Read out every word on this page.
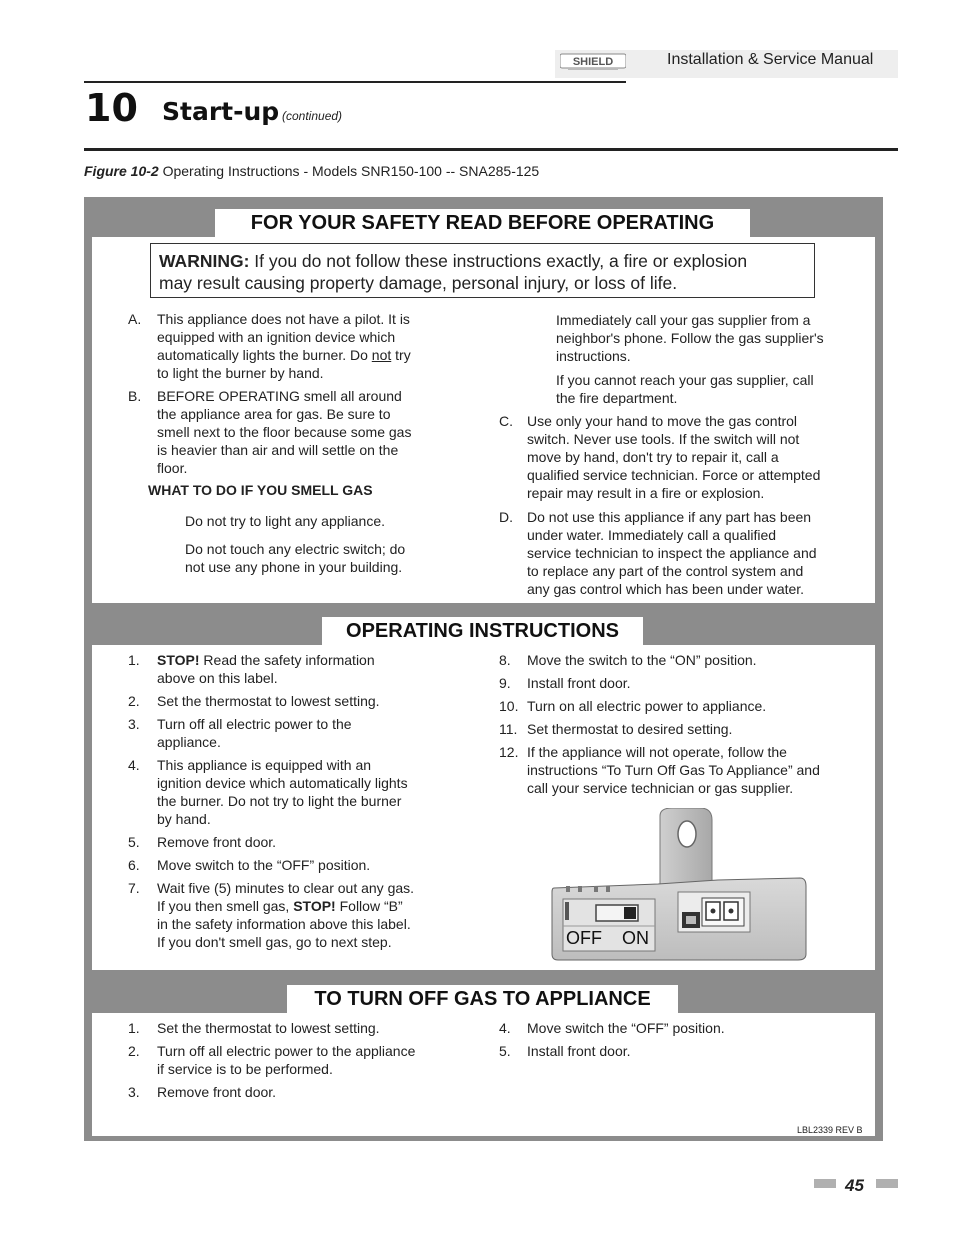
SHIELD	Installation & Service Manual
10 Start-up (continued)
Figure 10-2 Operating Instructions - Models SNR150-100 -- SNA285-125
FOR YOUR SAFETY READ BEFORE OPERATING
WARNING: If you do not follow these instructions exactly, a fire or explosion
may result causing property damage, personal injury, or loss of life.
A.	This appliance does not have a pilot. It is
equipped with an ignition device which
automatically lights the burner. Do not try
to light the burner by hand.
B.	BEFORE OPERATING smell all around
the appliance area for gas. Be sure to
smell next to the floor because some gas
is heavier than air and will settle on the
floor.
WHAT TO DO IF YOU SMELL GAS
Do not try to light any appliance.
Do not touch any electric switch; do
not use any phone in your building.
Immediately call your gas supplier from a
neighbor's phone. Follow the gas supplier's
instructions.
If you cannot reach your gas supplier, call
the fire department.
C.	Use only your hand to move the gas control
switch. Never use tools. If the switch will not
move by hand, don't try to repair it, call a
qualified service technician. Force or attempted
repair may result in a fire or explosion.
D.	Do not use this appliance if any part has been
under water. Immediately call a qualified
service technician to inspect the appliance and
to replace any part of the control system and
any gas control which has been under water.
OPERATING INSTRUCTIONS
1.	STOP! Read the safety information
above on this label.
2.	Set the thermostat to lowest setting.
3.	Turn off all electric power to the
appliance.
4.	This appliance is equipped with an
ignition device which automatically lights
the burner. Do not try to light the burner
by hand.
5.	Remove front door.
6.	Move switch to the “OFF” position.
7.	Wait five (5) minutes to clear out any gas.
If you then smell gas, STOP! Follow “B”
in the safety information above this label.
If you don't smell gas, go to next step.
8.	Move the switch to the “ON” position.
9.	Install front door.
10. Turn on all electric power to appliance.
11. Set thermostat to desired setting.
12. If the appliance will not operate, follow the
instructions “To Turn Off Gas To Appliance” and
call your service technician or gas supplier.
OFF ON
TO TURN OFF GAS TO APPLIANCE
1.	Set the thermostat to lowest setting.
2.	Turn off all electric power to the appliance
if service is to be performed.
3.	Remove front door.
4.	Move switch the “OFF” position.
5.	Install front door.
LBL2339 REV B
45
